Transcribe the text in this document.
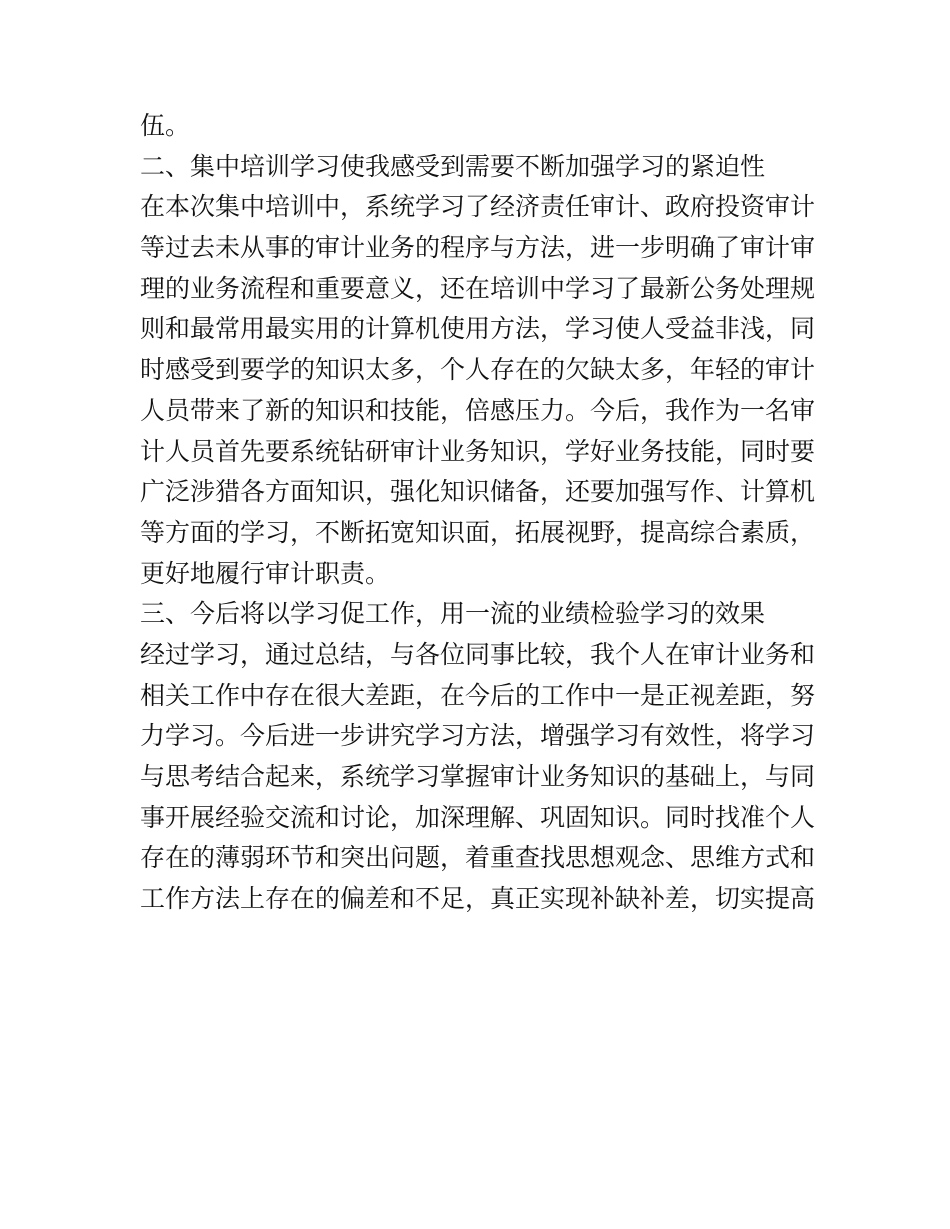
伍。
二、集中培训学习使我感受到需要不断加强学习的紧迫性
在本次集中培训中，系统学习了经济责任审计、政府投资审计
等过去未从事的审计业务的程序与方法，进一步明确了审计审
理的业务流程和重要意义，还在培训中学习了最新公务处理规
则和最常用最实用的计算机使用方法，学习使人受益非浅，同
时感受到要学的知识太多，个人存在的欠缺太多，年轻的审计
人员带来了新的知识和技能，倍感压力。今后，我作为一名审
计人员首先要系统钻研审计业务知识，学好业务技能，同时要
广泛涉猎各方面知识，强化知识储备，还要加强写作、计算机
等方面的学习，不断拓宽知识面，拓展视野，提高综合素质，
更好地履行审计职责。
三、今后将以学习促工作，用一流的业绩检验学习的效果
经过学习，通过总结，与各位同事比较，我个人在审计业务和
相关工作中存在很大差距，在今后的工作中一是正视差距，努
力学习。今后进一步讲究学习方法，增强学习有效性，将学习
与思考结合起来，系统学习掌握审计业务知识的基础上，与同
事开展经验交流和讨论，加深理解、巩固知识。同时找准个人
存在的薄弱环节和突出问题，着重查找思想观念、思维方式和
工作方法上存在的偏差和不足，真正实现补缺补差，切实提高
